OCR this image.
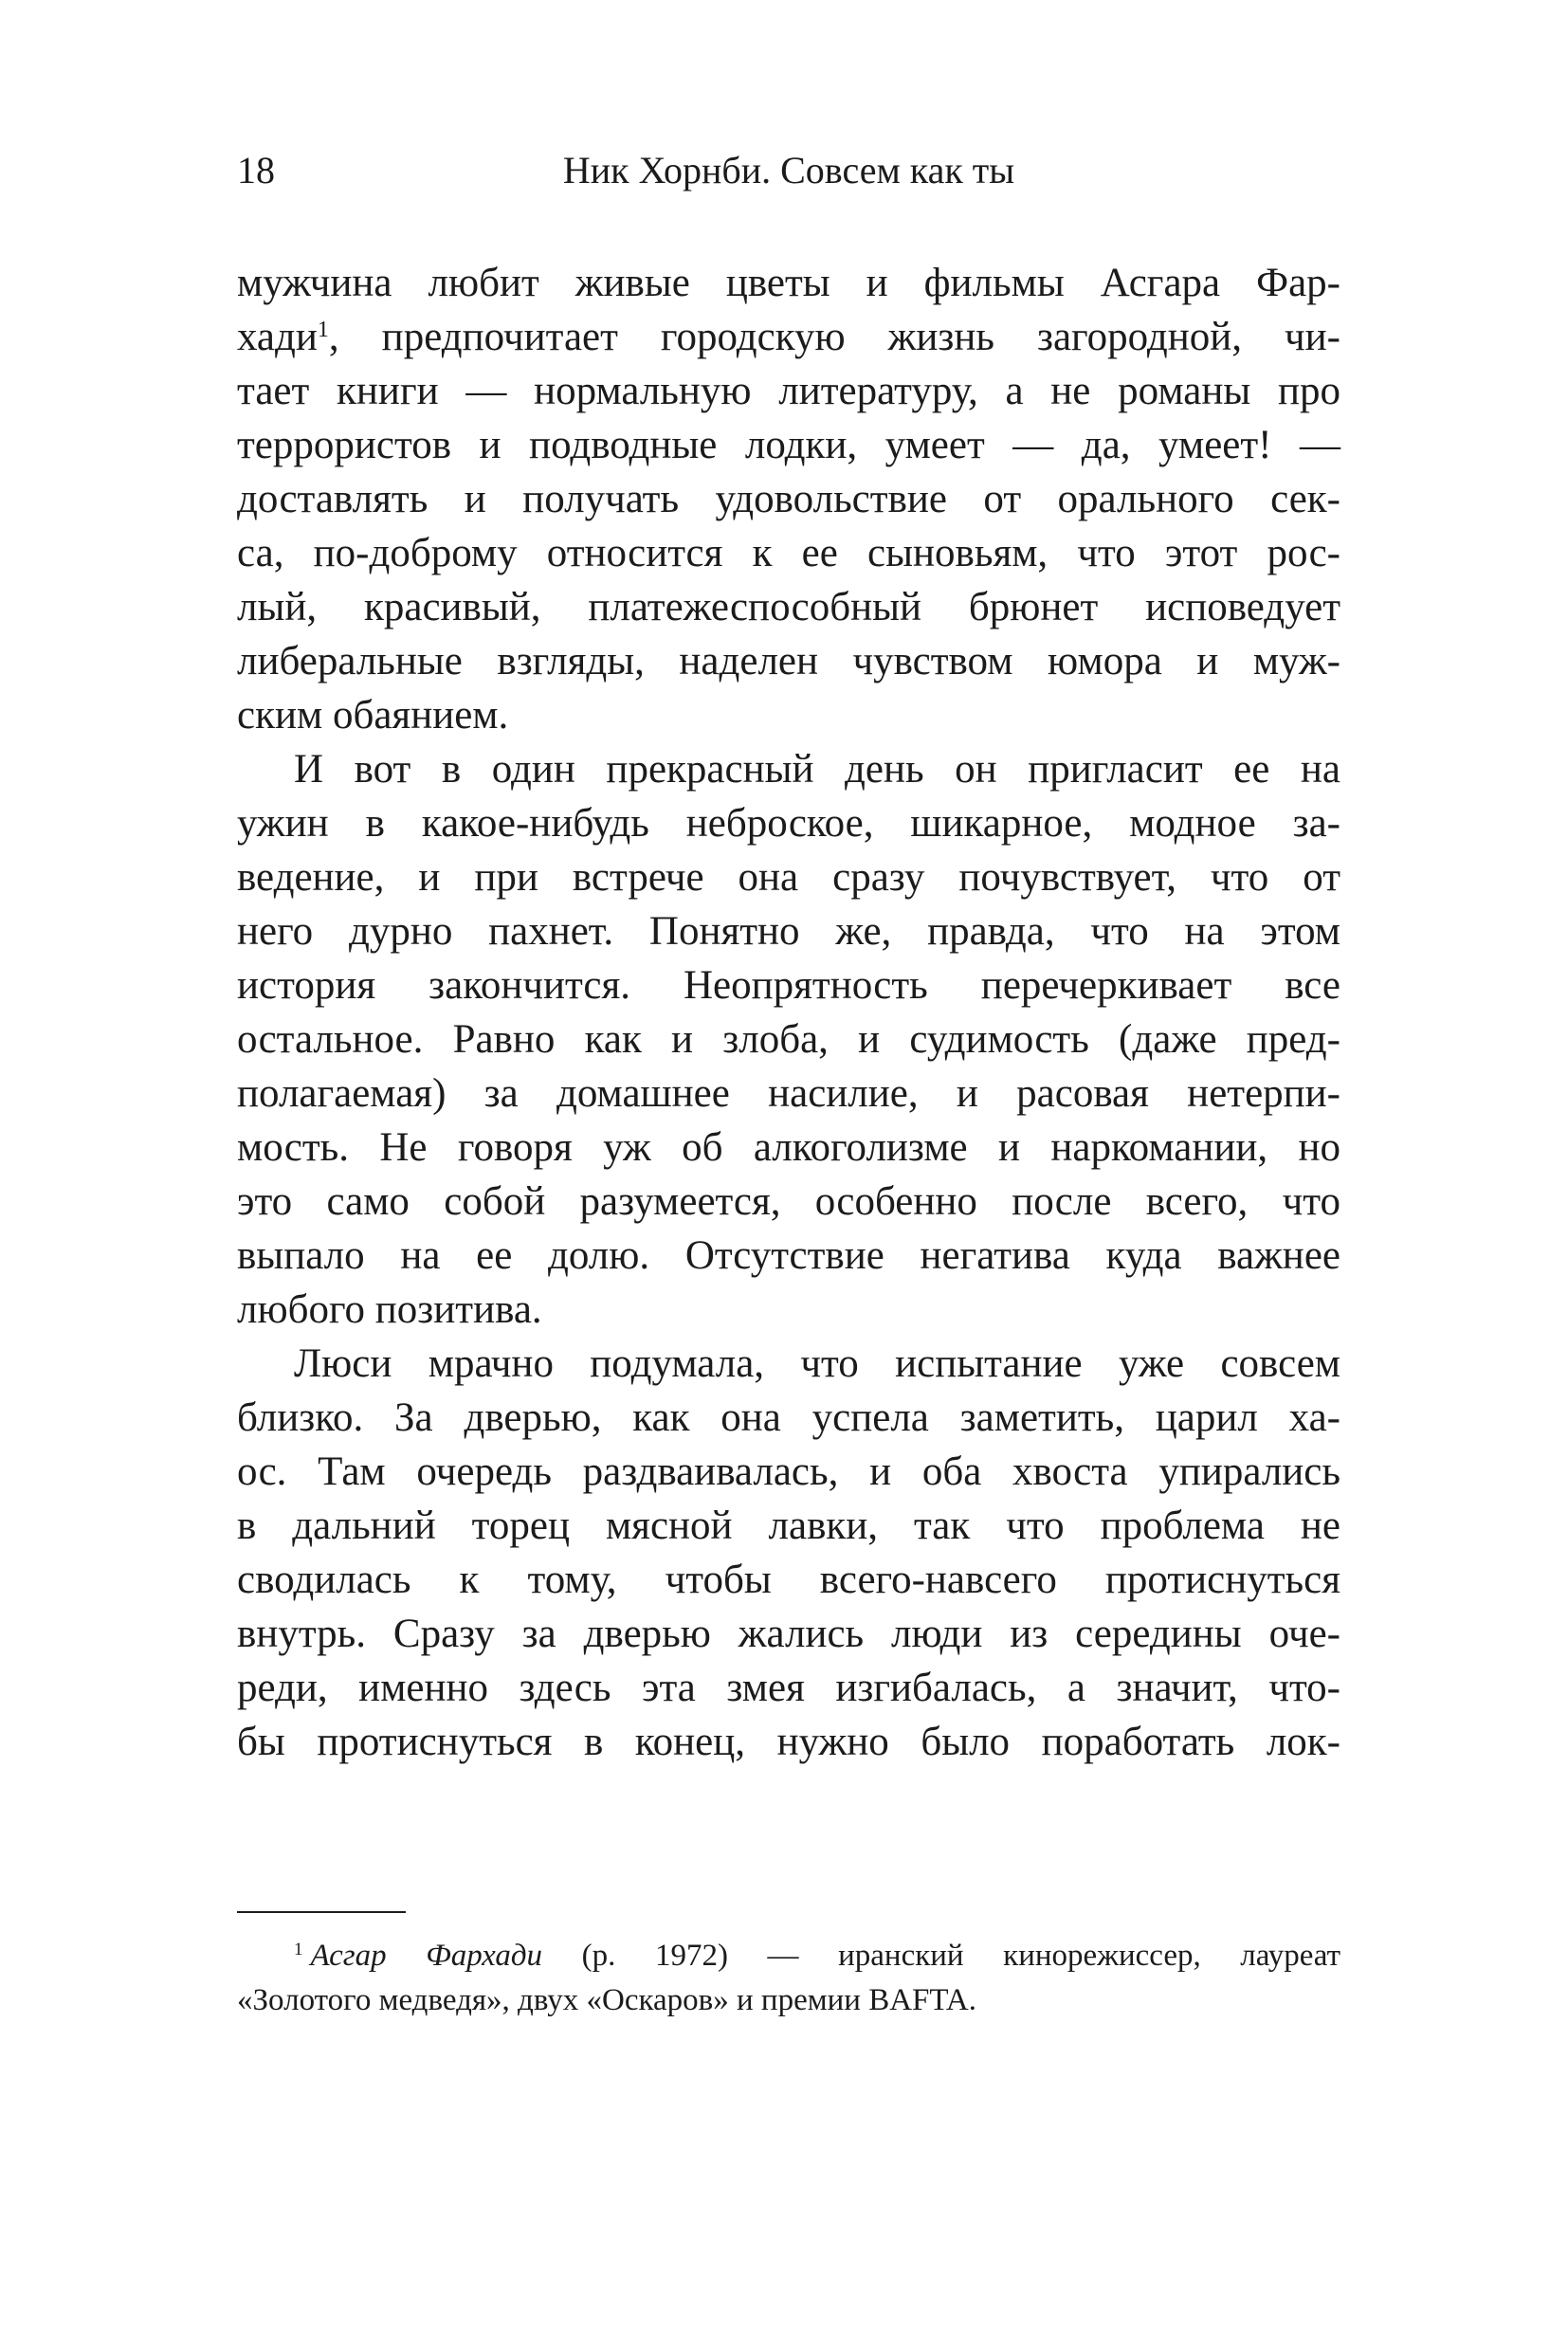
18	Ник Хорнби. Совсем как ты
мужчина любит живые цветы и фильмы Асгара Фар-
хади$^1$, предпочитает городскую жизнь загородной, чи-
тает книги — нормальную литературу, а не романы про
террористов и подводные лодки, умеет — да, умеет! —
доставлять и получать удовольствие от орального сек-
са, по-доброму относится к ее сыновьям, что этот рос-
лый, красивый, платежеспособный брюнет исповедует
либеральные взгляды, наделен чувством юмора и муж-
ским обаянием.
И вот в один прекрасный день он пригласит ее на
ужин в какое-нибудь неброское, шикарное, модное за-
ведение, и при встрече она сразу почувствует, что от
него дурно пахнет. Понятно же, правда, что на этом
история закончится. Неопрятность перечеркивает все
остальное. Равно как и злоба, и судимость (даже пред-
полагаемая) за домашнее насилие, и расовая нетерпи-
мость. Не говоря уж об алкоголизме и наркомании, но
это само собой разумеется, особенно после всего, что
выпало на ее долю. Отсутствие негатива куда важнее
любого позитива.
Люси мрачно подумала, что испытание уже совсем
близко. За дверью, как она успела заметить, царил ха-
ос. Там очередь раздваивалась, и оба хвоста упирались
в дальний торец мясной лавки, так что проблема не
сводилась к тому, чтобы всего-навсего протиснуться
внутрь. Сразу за дверью жались люди из середины оче-
реди, именно здесь эта змея изгибалась, а значит, что-
бы протиснуться в конец, нужно было поработать лок-
$^1$ Асгар Фархади (р. 1972) — иранский кинорежиссер, лауреат
«Золотого медведя», двух «Оскаров» и премии BAFTA.
